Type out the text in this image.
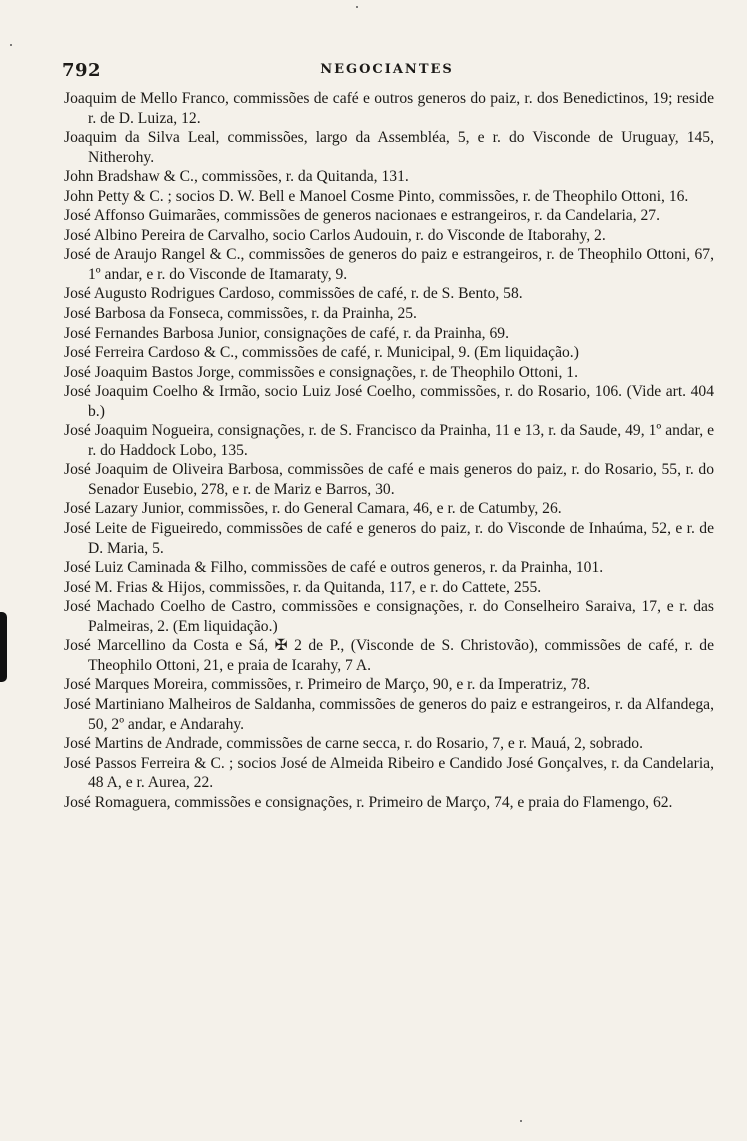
792	NEGOCIANTES

Joaquim de Mello Franco, commissões de café e outros generos do paiz, r. dos Benedictinos, 19; reside r. de D. Luiza, 12.

Joaquim da Silva Leal, commissões, largo da Assembléa, 5, e r. do Visconde de Uruguay, 145, Nitherohy.

John Bradshaw & C., commissões, r. da Quitanda, 131.

John Petty & C. ; socios D. W. Bell e Manoel Cosme Pinto, commissões, r. de Theophilo Ottoni, 16.

José Affonso Guimarães, commissões de generos nacionaes e estrangeiros, r. da Candelaria, 27.

José Albino Pereira de Carvalho, socio Carlos Audouin, r. do Visconde de Itaborahy, 2.

José de Araujo Rangel & C., commissões de generos do paiz e estrangeiros, r. de Theophilo Ottoni, 67, 1º andar, e r. do Visconde de Itamaraty, 9.

José Augusto Rodrigues Cardoso, commissões de café, r. de S. Bento, 58.

José Barbosa da Fonseca, commissões, r. da Prainha, 25.

José Fernandes Barbosa Junior, consignações de café, r. da Prainha, 69.

José Ferreira Cardoso & C., commissões de café, r. Municipal, 9. (Em liquidação.)

José Joaquim Bastos Jorge, commissões e consignações, r. de Theophilo Ottoni, 1.

José Joaquim Coelho & Irmão, socio Luiz José Coelho, commissões, r. do Rosario, 106. (Vide art. 404 b.)

José Joaquim Nogueira, consignações, r. de S. Francisco da Prainha, 11 e 13, r. da Saude, 49, 1º andar, e r. do Haddock Lobo, 135.

José Joaquim de Oliveira Barbosa, commissões de café e mais generos do paiz, r. do Rosario, 55, r. do Senador Eusebio, 278, e r. de Mariz e Barros, 30.

José Lazary Junior, commissões, r. do General Camara, 46, e r. de Catumby, 26.

José Leite de Figueiredo, commissões de café e generos do paiz, r. do Visconde de Inhaúma, 52, e r. de D. Maria, 5.

José Luiz Caminada & Filho, commissões de café e outros generos, r. da Prainha, 101.

José M. Frias & Hijos, commissões, r. da Quitanda, 117, e r. do Cattete, 255.

José Machado Coelho de Castro, commissões e consignações, r. do Conselheiro Saraiva, 17, e r. das Palmeiras, 2. (Em liquidação.)

José Marcellino da Costa e Sá, ✠ 2 de P., (Visconde de S. Christovão), commissões de café, r. de Theophilo Ottoni, 21, e praia de Icarahy, 7 A.

José Marques Moreira, commissões, r. Primeiro de Março, 90, e r. da Imperatriz, 78.

José Martiniano Malheiros de Saldanha, commissões de generos do paiz e estrangeiros, r. da Alfandega, 50, 2º andar, e Andarahy.

José Martins de Andrade, commissões de carne secca, r. do Rosario, 7, e r. Mauá, 2, sobrado.

José Passos Ferreira & C. ; socios José de Almeida Ribeiro e Candido José Gonçalves, r. da Candelaria, 48 A, e r. Aurea, 22.

José Romaguera, commissões e consignações, r. Primeiro de Março, 74, e praia do Flamengo, 62.
